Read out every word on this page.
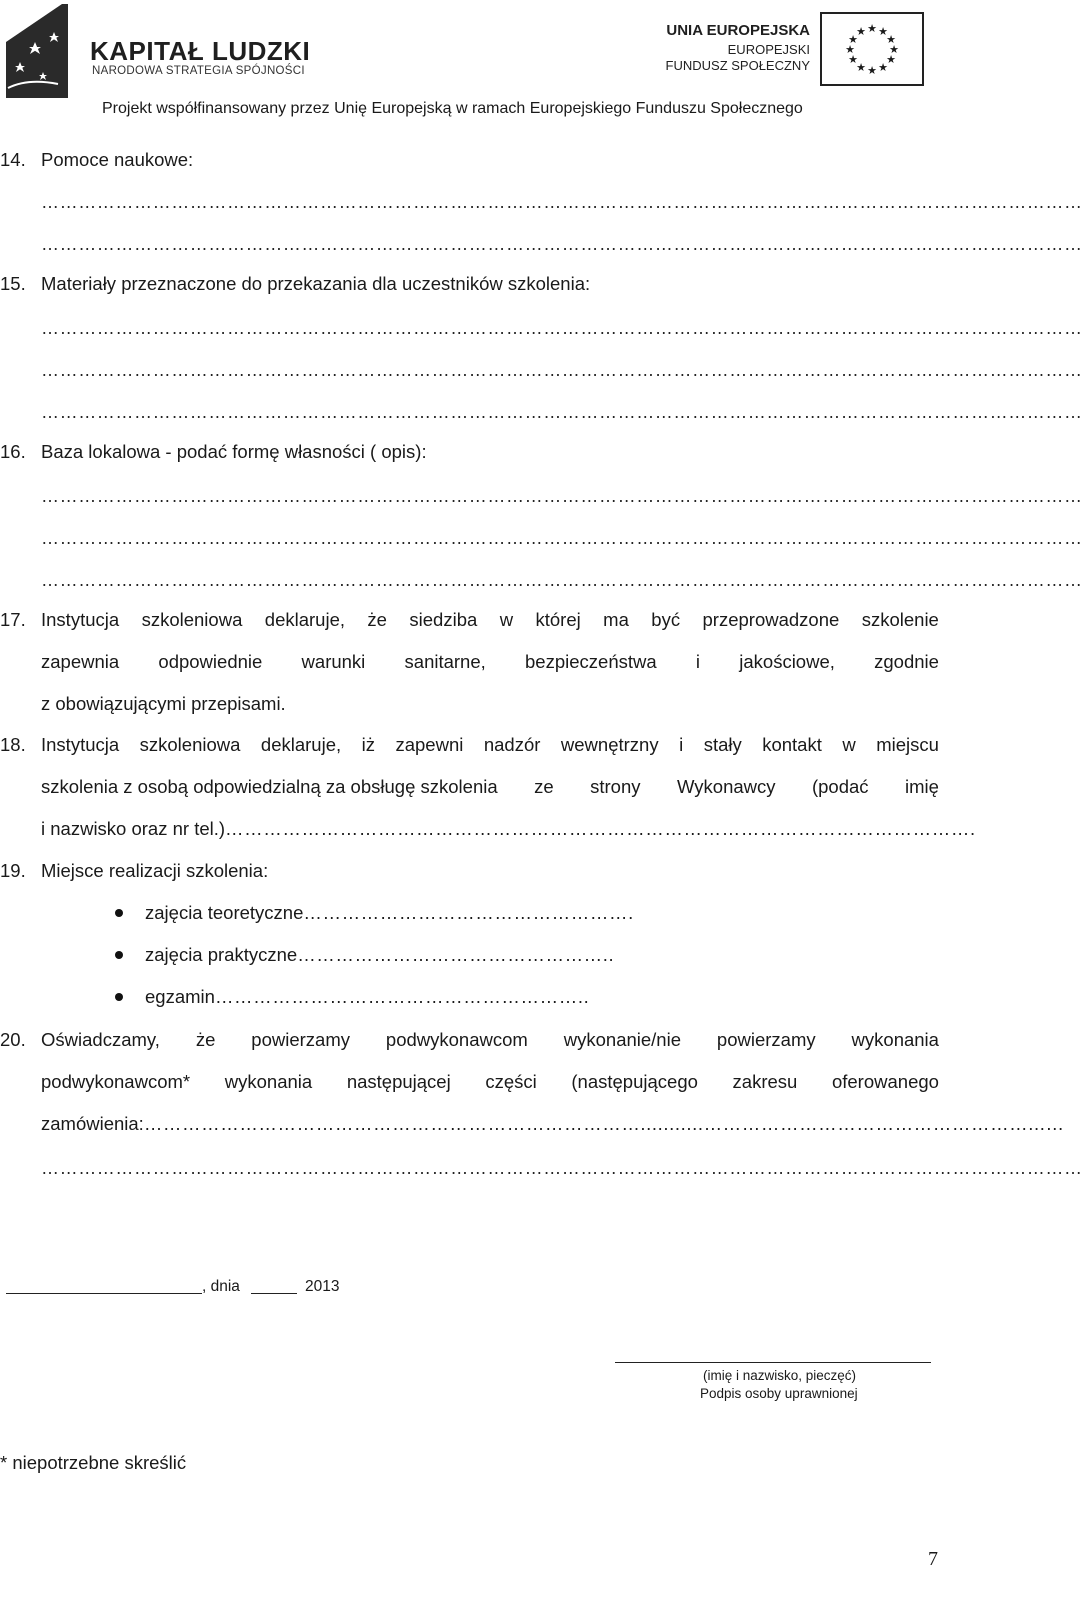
KAPITAŁ LUDZKI
NARODOWA STRATEGIA SPÓJNOŚCI
UNIA EUROPEJSKA
EUROPEJSKI
FUNDUSZ SPOŁECZNY
★ ★
★
★
★
★
★
★
★
★
★
★
Projekt współfinansowany przez Unię Europejską w ramach Europejskiego Funduszu Społecznego
14. Pomoce naukowe:
……………………………………………………………………………………………………………………………………………………
……………………………………………………………………………………………………………………………………………………
15. Materiały przeznaczone do przekazania dla uczestników szkolenia:
……………………………………………………………………………………………………………………………………………………
……………………………………………………………………………………………………………………………………………………
……………………………………………………………………………………………………………………………………………………
16. Baza lokalowa - podać formę własności ( opis):
……………………………………………………………………………………………………………………………………………………
……………………………………………………………………………………………………………………………………………………
……………………………………………………………………………………………………………………………………………………
17. Instytucja szkoleniowa deklaruje, że siedziba w której ma być przeprowadzone szkolenie
zapewnia odpowiednie warunki sanitarne, bezpieczeństwa i jakościowe, zgodnie
z obowiązującymi przepisami.
18. Instytucja szkoleniowa deklaruje, iż zapewni nadzór wewnętrzny i stały kontakt w miejscu
szkolenia z osobą odpowiedzialną za obsługę szkolenia ze strony Wykonawcy (podać imię
i nazwisko oraz nr tel.)……………………………………………………………………………………………………….
19. Miejsce realizacji szkolenia:
zajęcia teoretyczne…………………………………………….
zajęcia praktyczne…………………………………………..
egzamin…………………………………………………..
20. Oświadczamy, że powierzamy podwykonawcom wykonanie/nie powierzamy wykonania
podwykonawcom* wykonania następującej części (następującego zakresu oferowanego
zamówienia:……………………………………………………………………...........……………………………………………...…
……………………………………………………………………………………………………………………………………………………
, dnia	2013
(imię i nazwisko, pieczęć)
Podpis osoby uprawnionej
* niepotrzebne skreślić
7
